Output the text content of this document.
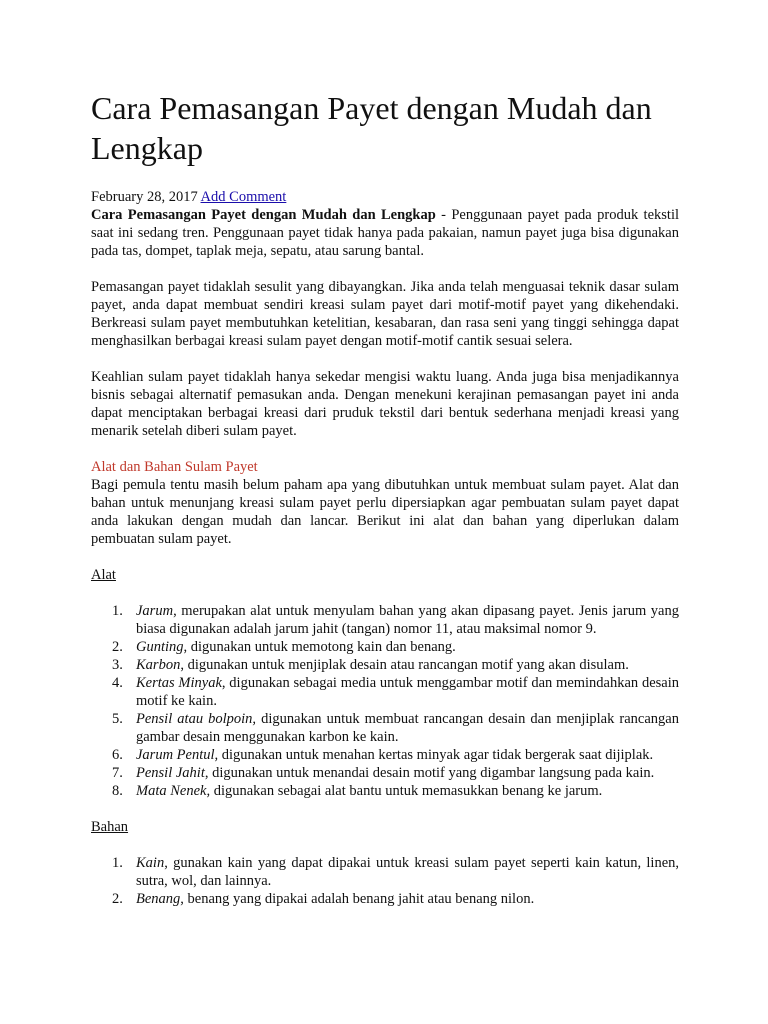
Cara Pemasangan Payet dengan Mudah dan Lengkap
February 28, 2017 Add Comment

Cara Pemasangan Payet dengan Mudah dan Lengkap - Penggunaan payet pada produk tekstil saat ini sedang tren. Penggunaan payet tidak hanya pada pakaian, namun payet juga bisa digunakan pada tas, dompet, taplak meja, sepatu, atau sarung bantal.

Pemasangan payet tidaklah sesulit yang dibayangkan. Jika anda telah menguasai teknik dasar sulam payet, anda dapat membuat sendiri kreasi sulam payet dari motif-motif payet yang dikehendaki. Berkreasi sulam payet membutuhkan ketelitian, kesabaran, dan rasa seni yang tinggi sehingga dapat menghasilkan berbagai kreasi sulam payet dengan motif-motif cantik sesuai selera.

Keahlian sulam payet tidaklah hanya sekedar mengisi waktu luang. Anda juga bisa menjadikannya bisnis sebagai alternatif pemasukan anda. Dengan menekuni kerajinan pemasangan payet ini anda dapat menciptakan berbagai kreasi dari pruduk tekstil dari bentuk sederhana menjadi kreasi yang menarik setelah diberi sulam payet.

Alat dan Bahan Sulam Payet

Bagi pemula tentu masih belum paham apa yang dibutuhkan untuk membuat sulam payet. Alat dan bahan untuk menunjang kreasi sulam payet perlu dipersiapkan agar pembuatan sulam payet dapat anda lakukan dengan mudah dan lancar. Berikut ini alat dan bahan yang diperlukan dalam pembuatan sulam payet.

Alat
1. Jarum, merupakan alat untuk menyulam bahan yang akan dipasang payet. Jenis jarum yang biasa digunakan adalah jarum jahit (tangan) nomor 11, atau maksimal nomor 9.
2. Gunting, digunakan untuk memotong kain dan benang.
3. Karbon, digunakan untuk menjiplak desain atau rancangan motif yang akan disulam.
4. Kertas Minyak, digunakan sebagai media untuk menggambar motif dan memindahkan desain motif ke kain.
5. Pensil atau bolpoin, digunakan untuk membuat rancangan desain dan menjiplak rancangan gambar desain menggunakan karbon ke kain.
6. Jarum Pentul, digunakan untuk menahan kertas minyak agar tidak bergerak saat dijiplak.
7. Pensil Jahit, digunakan untuk menandai desain motif yang digambar langsung pada kain.
8. Mata Nenek, digunakan sebagai alat bantu untuk memasukkan benang ke jarum.
Bahan
1. Kain, gunakan kain yang dapat dipakai untuk kreasi sulam payet seperti kain katun, linen, sutra, wol, dan lainnya.
2. Benang, benang yang dipakai adalah benang jahit atau benang nilon.
